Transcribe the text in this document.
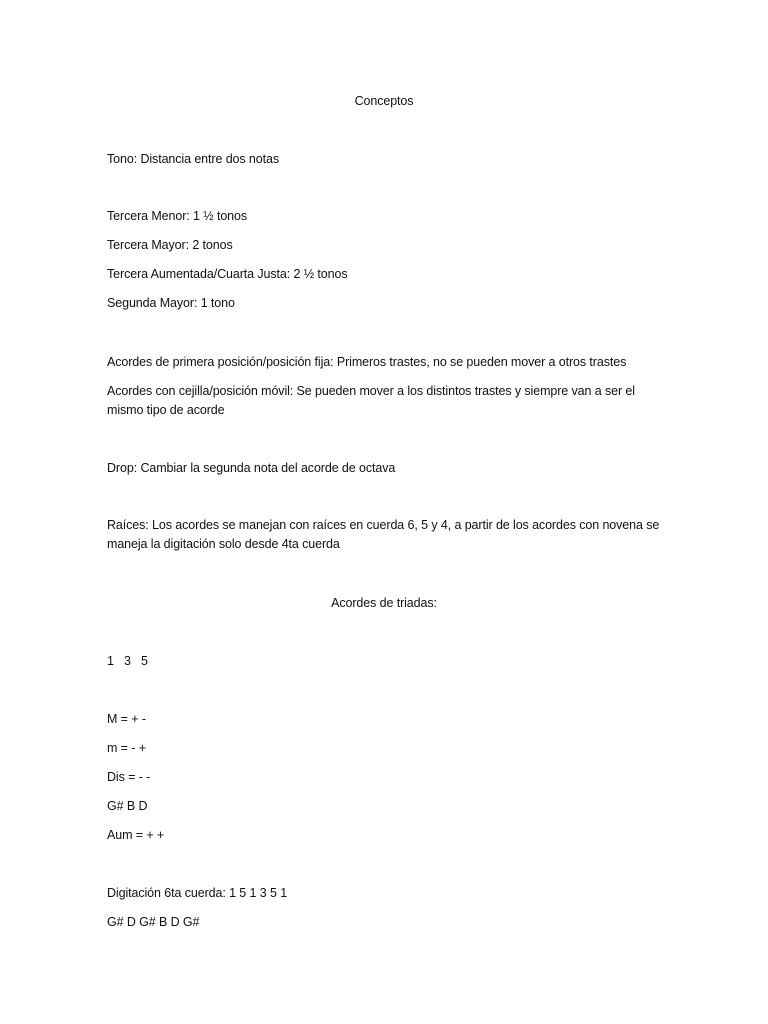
Conceptos
Tono: Distancia entre dos notas
Tercera Menor: 1 ½ tonos
Tercera Mayor: 2 tonos
Tercera Aumentada/Cuarta Justa: 2 ½ tonos
Segunda Mayor: 1 tono
Acordes de primera posición/posición fija: Primeros trastes, no se pueden mover a otros trastes
Acordes con cejilla/posición móvil: Se pueden mover a los distintos trastes y siempre van a ser el mismo tipo de acorde
Drop: Cambiar la segunda nota del acorde de octava
Raíces: Los acordes se manejan con raíces en cuerda 6, 5 y 4, a partir de los acordes con novena se maneja la digitación solo desde 4ta cuerda
Acordes de triadas:
1   3   5
M = + -
m = - +
Dis = - -
G# B D
Aum = + +
Digitación 6ta cuerda: 1 5 1 3 5 1
G# D G# B D G#
